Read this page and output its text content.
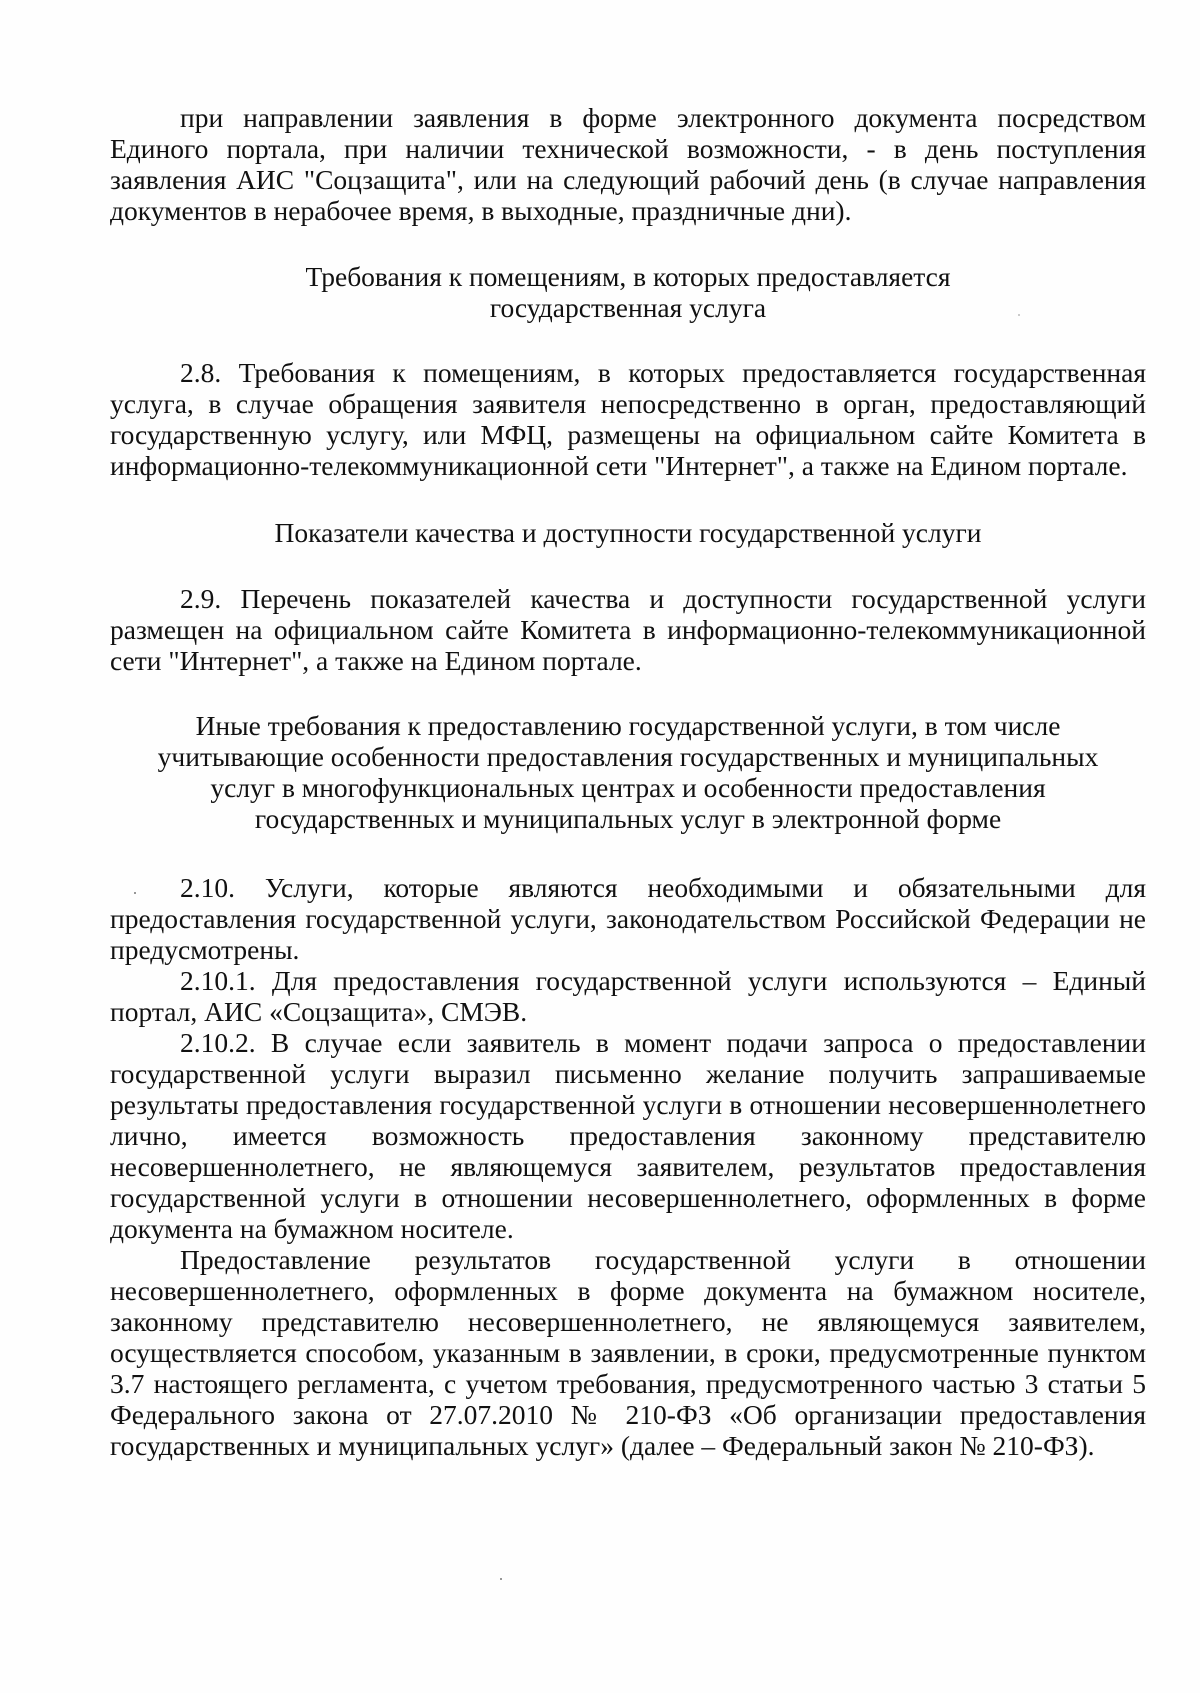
при направлении заявления в форме электронного документа посредством Единого портала, при наличии технической возможности, - в день поступления заявления АИС "Соцзащита", или на следующий рабочий день (в случае направления документов в нерабочее время, в выходные, праздничные дни).

Требования к помещениям, в которых предоставляется
государственная услуга

2.8. Требования к помещениям, в которых предоставляется государственная услуга, в случае обращения заявителя непосредственно в орган, предоставляющий государственную услугу, или МФЦ, размещены на официальном сайте Комитета в информационно-телекоммуникационной сети "Интернет", а также на Едином портале.

Показатели качества и доступности государственной услуги

2.9. Перечень показателей качества и доступности государственной услуги размещен на официальном сайте Комитета в информационно-телекоммуникационной сети "Интернет", а также на Едином портале.

Иные требования к предоставлению государственной услуги, в том числе
учитывающие особенности предоставления государственных и муниципальных
услуг в многофункциональных центрах и особенности предоставления
государственных и муниципальных услуг в электронной форме

2.10. Услуги, которые являются необходимыми и обязательными для предоставления государственной услуги, законодательством Российской Федерации не предусмотрены.

2.10.1. Для предоставления государственной услуги используются – Единый портал, АИС «Соцзащита», СМЭВ.

2.10.2. В случае если заявитель в момент подачи запроса о предоставлении государственной услуги выразил письменно желание получить запрашиваемые результаты предоставления государственной услуги в отношении несовершеннолетнего лично, имеется возможность предоставления законному представителю несовершеннолетнего, не являющемуся заявителем, результатов предоставления государственной услуги в отношении несовершеннолетнего, оформленных в форме документа на бумажном носителе.

Предоставление результатов государственной услуги в отношении несовершеннолетнего, оформленных в форме документа на бумажном носителе, законному представителю несовершеннолетнего, не являющемуся заявителем, осуществляется способом, указанным в заявлении, в сроки, предусмотренные пунктом 3.7 настоящего регламента, с учетом требования, предусмотренного частью 3 статьи 5 Федерального закона от 27.07.2010 № 210-ФЗ «Об организации предоставления государственных и муниципальных услуг» (далее – Федеральный закон № 210-ФЗ).
